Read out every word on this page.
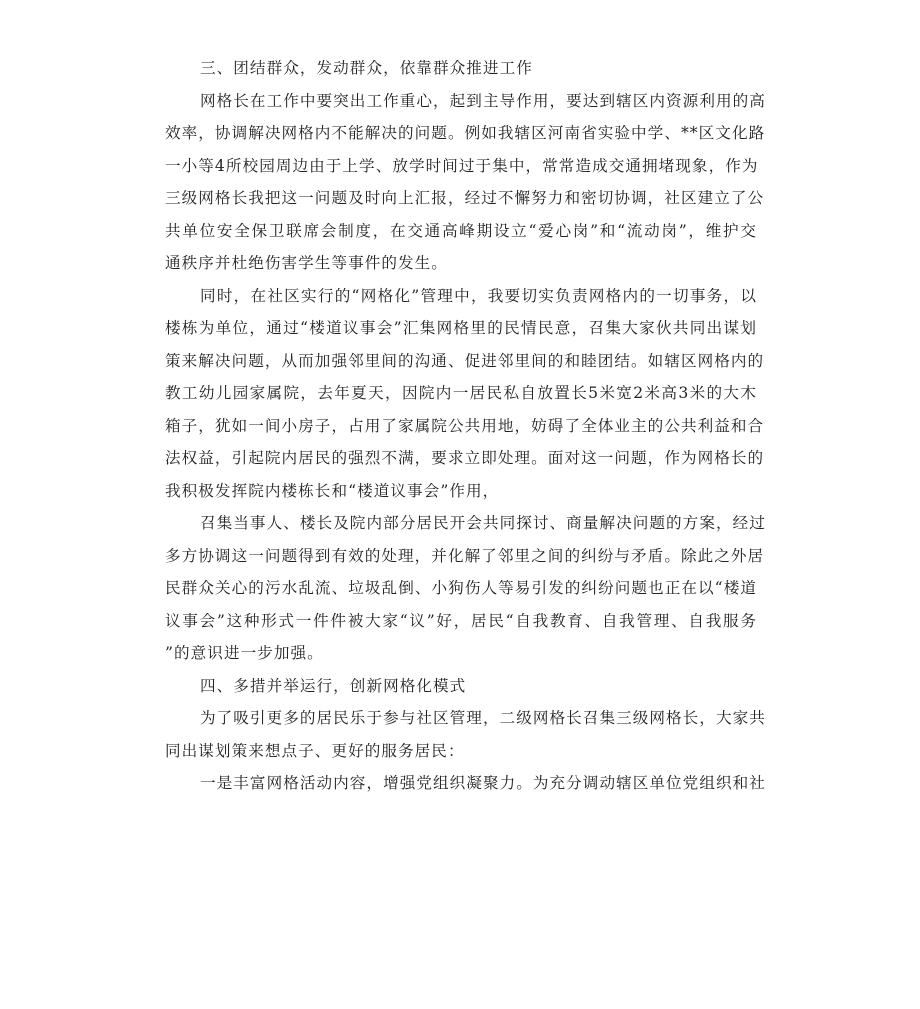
三、团结群众，发动群众，依靠群众推进工作
网格长在工作中要突出工作重心，起到主导作用，要达到辖区内资源利用的高
效率，协调解决网格内不能解决的问题。例如我辖区河南省实验中学、**区文化路
一小等4所校园周边由于上学、放学时间过于集中，常常造成交通拥堵现象，作为
三级网格长我把这一问题及时向上汇报，经过不懈努力和密切协调，社区建立了公
共单位安全保卫联席会制度，在交通高峰期设立“爱心岗”和“流动岗”，维护交
通秩序并杜绝伤害学生等事件的发生。
同时，在社区实行的“网格化”管理中，我要切实负责网格内的一切事务，以
楼栋为单位，通过“楼道议事会”汇集网格里的民情民意，召集大家伙共同出谋划
策来解决问题，从而加强邻里间的沟通、促进邻里间的和睦团结。如辖区网格内的
教工幼儿园家属院，去年夏天，因院内一居民私自放置长5米宽2米高3米的大木
箱子，犹如一间小房子，占用了家属院公共用地，妨碍了全体业主的公共利益和合
法权益，引起院内居民的强烈不满，要求立即处理。面对这一问题，作为网格长的
我积极发挥院内楼栋长和“楼道议事会”作用，
召集当事人、楼长及院内部分居民开会共同探讨、商量解决问题的方案，经过
多方协调这一问题得到有效的处理，并化解了邻里之间的纠纷与矛盾。除此之外居
民群众关心的污水乱流、垃圾乱倒、小狗伤人等易引发的纠纷问题也正在以“楼道
议事会”这种形式一件件被大家“议”好，居民“自我教育、自我管理、自我服务
”的意识进一步加强。
四、多措并举运行，创新网格化模式
为了吸引更多的居民乐于参与社区管理，二级网格长召集三级网格长，大家共
同出谋划策来想点子、更好的服务居民：
一是丰富网格活动内容，增强党组织凝聚力。为充分调动辖区单位党组织和社
